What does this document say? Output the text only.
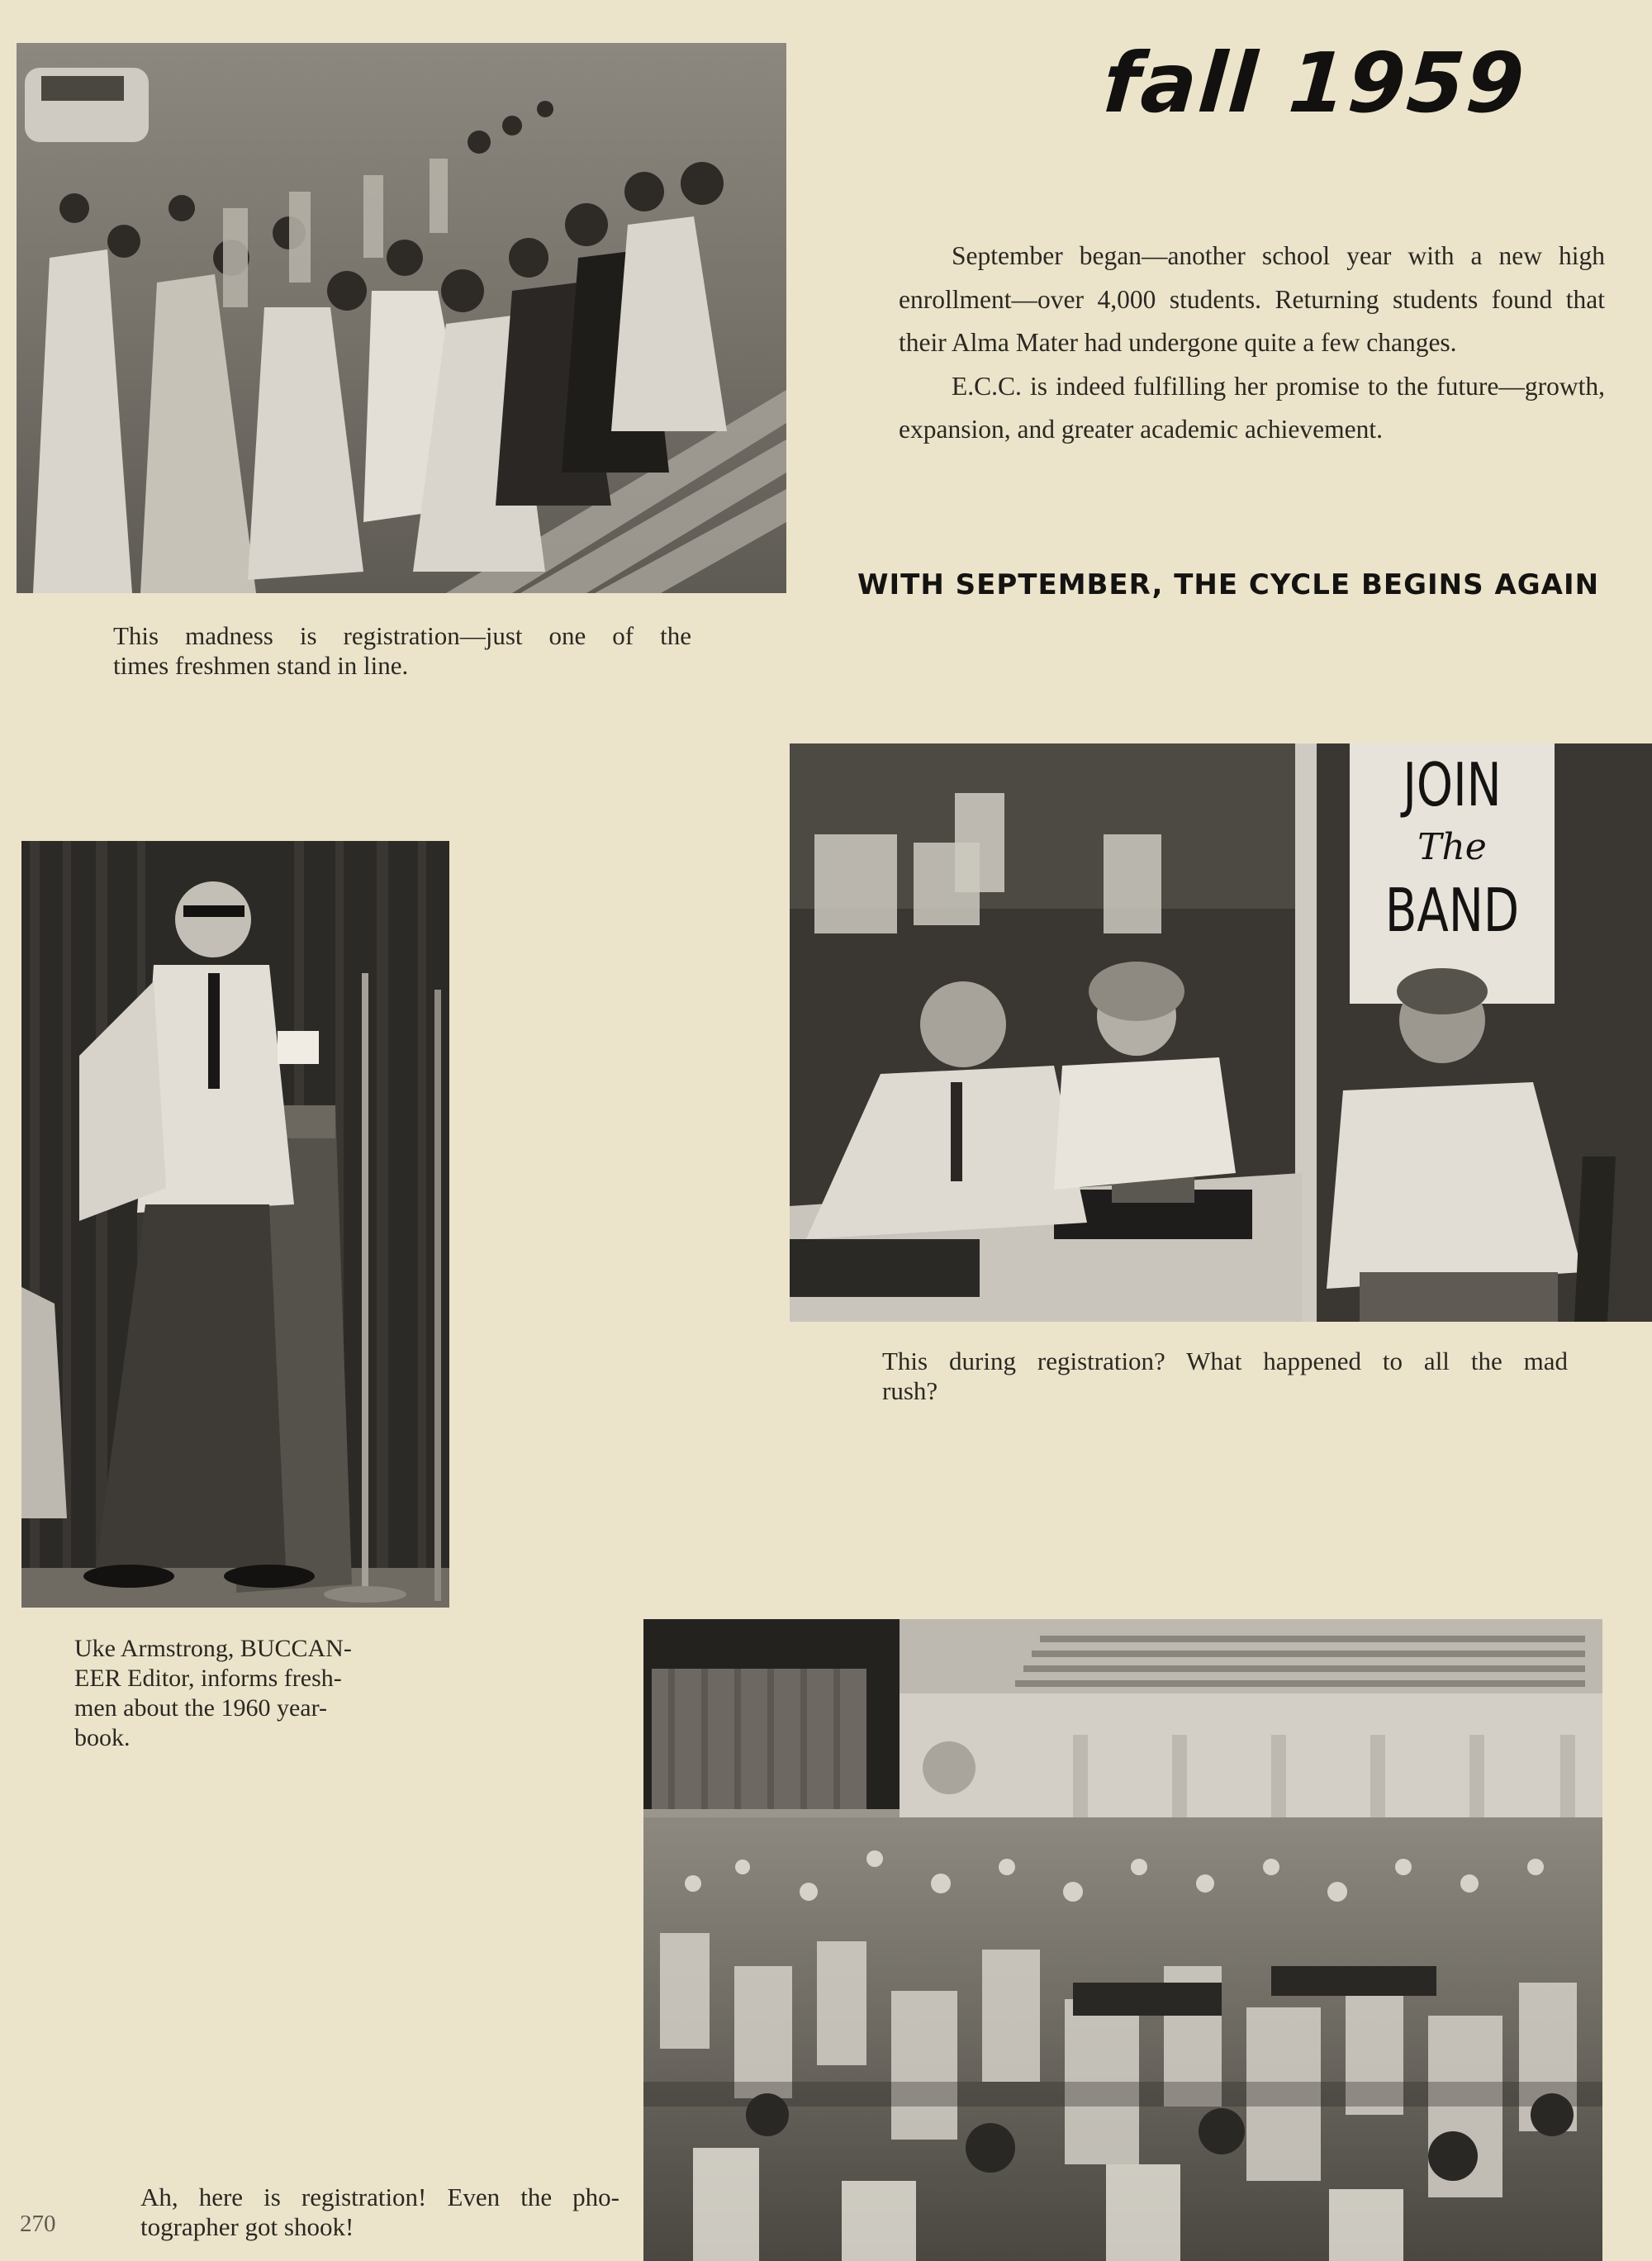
This madness is registration—just one of the
times freshmen stand in line.
fall 1959

September began—another school year with a new high enrollment—over 4,000 students. Returning students found that their Alma Mater had undergone quite a few changes.

E.C.C. is indeed fulfilling her promise to the future—growth, expansion, and greater academic achievement.

WITH SEPTEMBER, THE CYCLE BEGINS AGAIN
JOIN
The
BAND
This during registration? What happened to all the mad
rush?
Uke Armstrong, BUCCAN-
EER Editor, informs fresh-
men about the 1960 year-
book.
Ah, here is registration! Even the pho-
tographer got shook!
270
